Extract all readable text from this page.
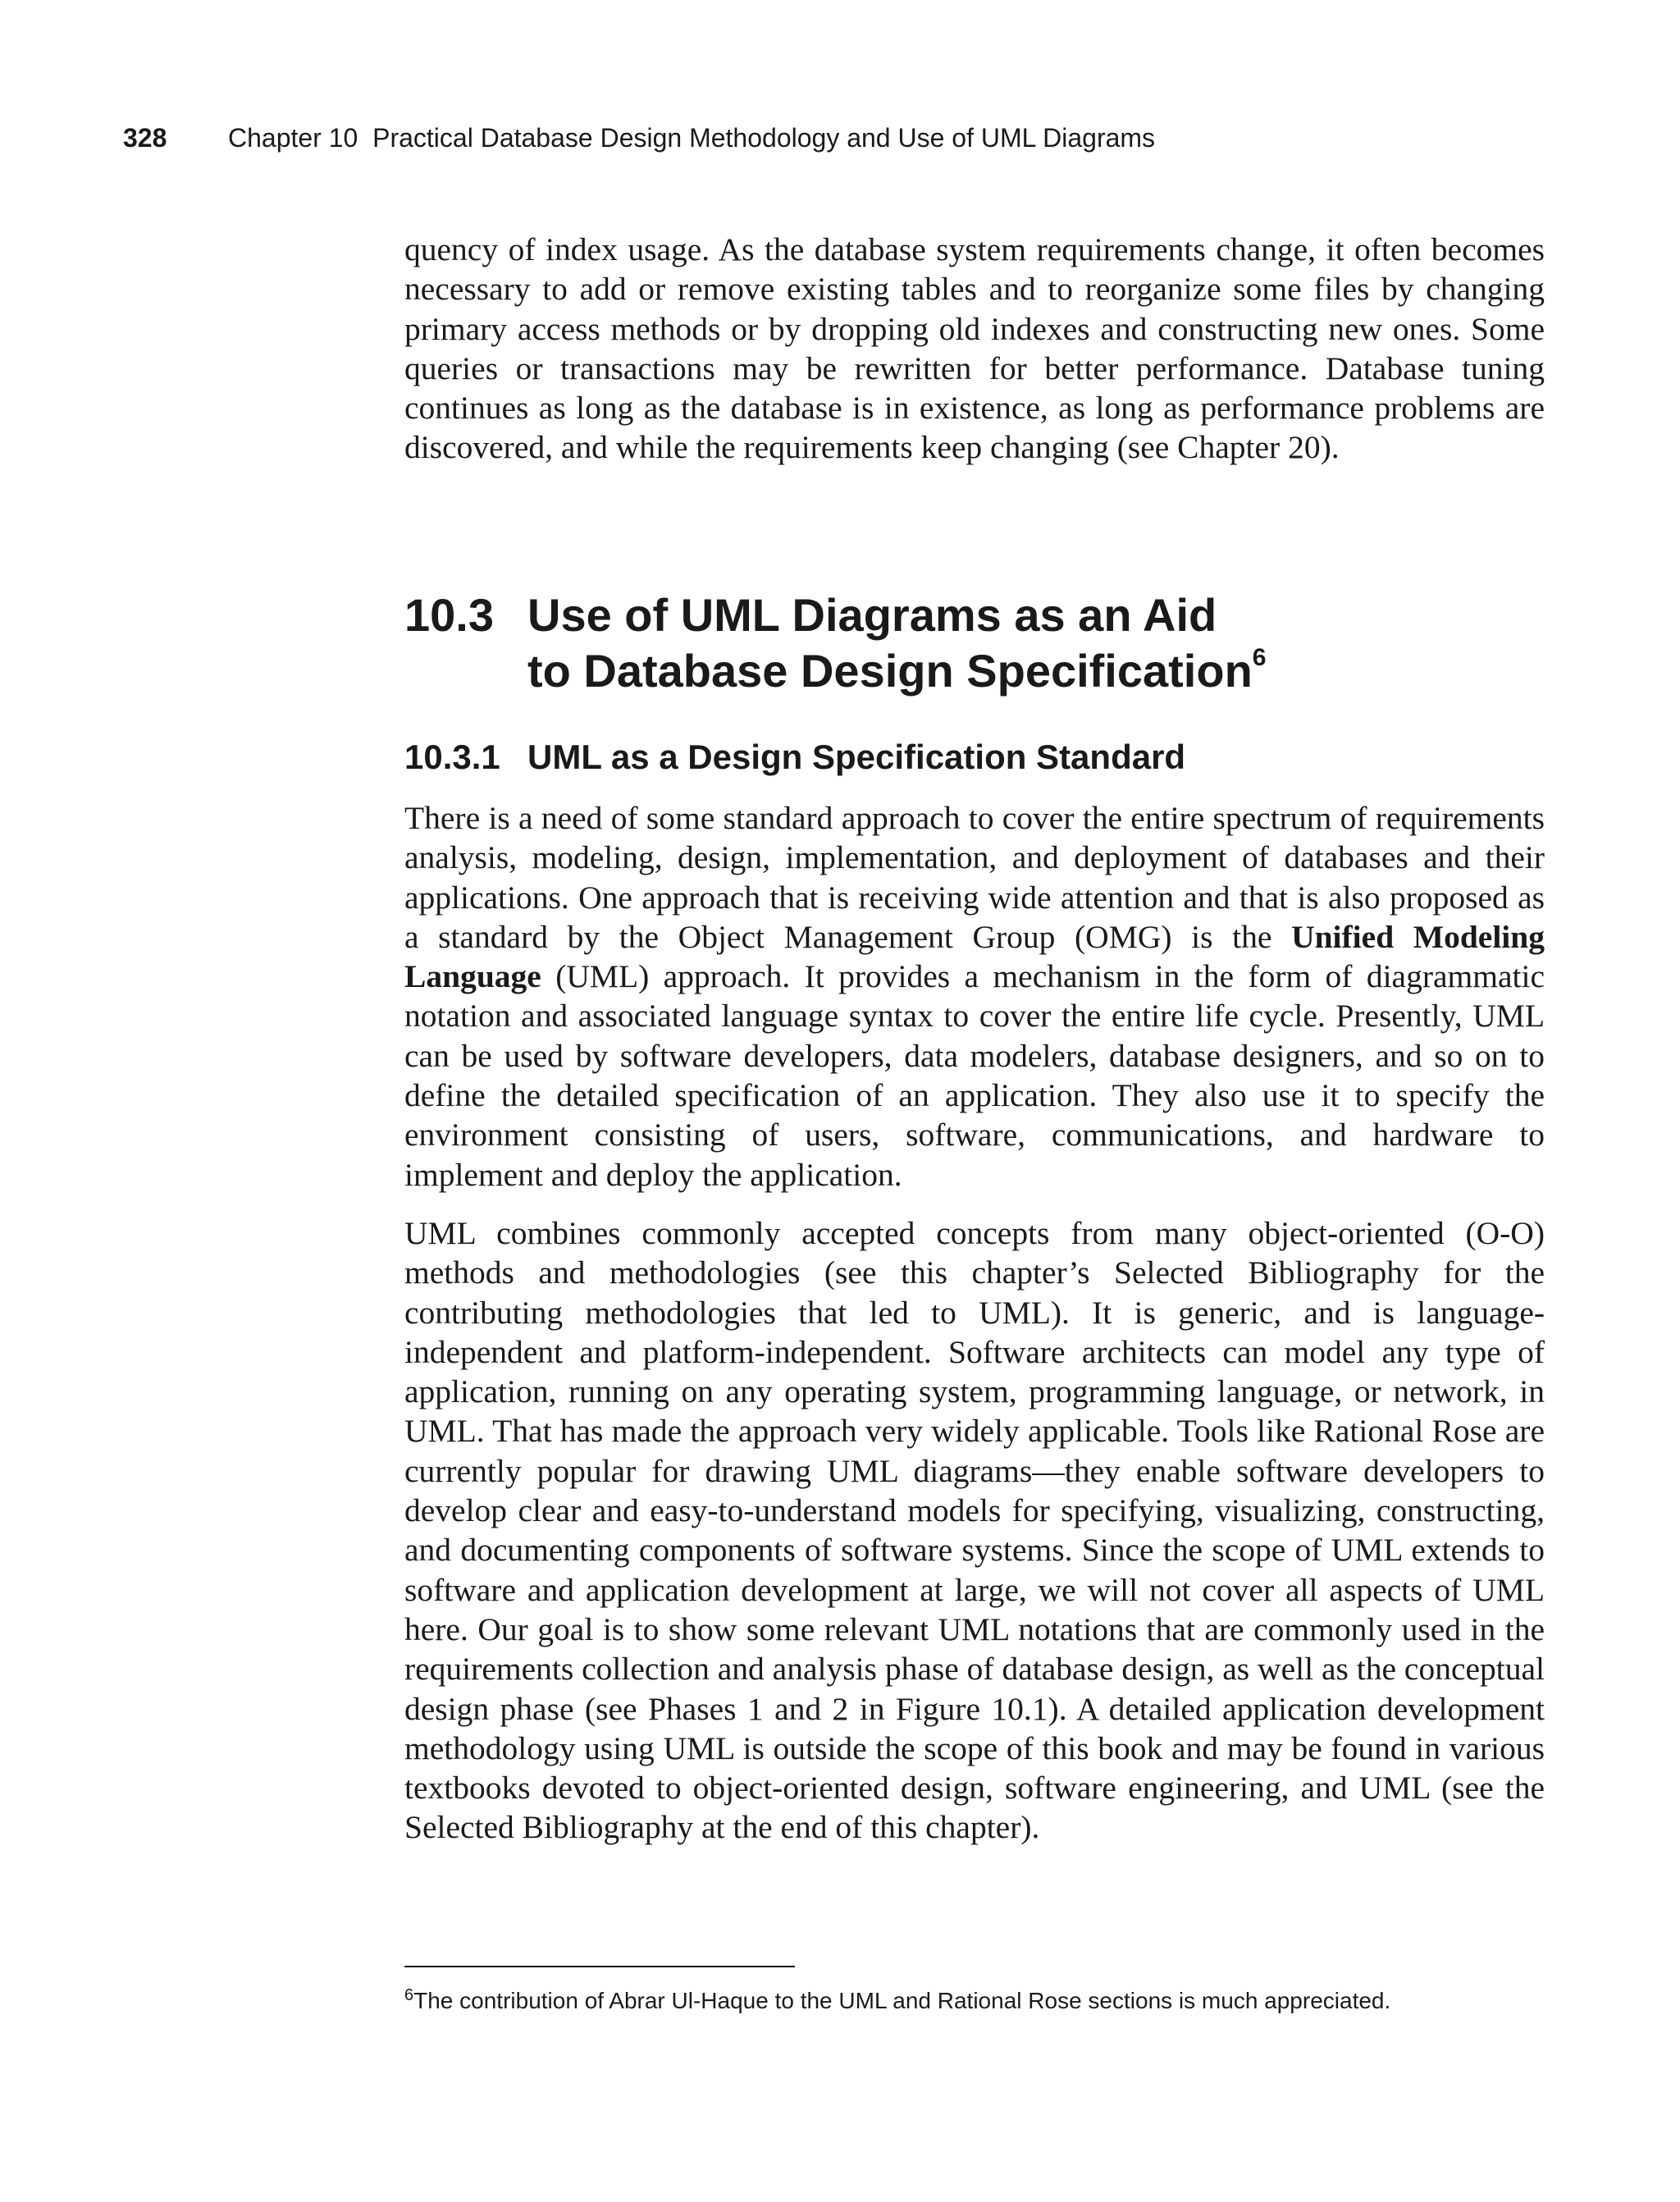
328 Chapter 10  Practical Database Design Methodology and Use of UML Diagrams

quency of index usage. As the database system requirements change, it often becomes necessary to add or remove existing tables and to reorganize some files by changing primary access methods or by dropping old indexes and constructing new ones. Some queries or transactions may be rewritten for better performance. Database tuning continues as long as the database is in existence, as long as performance problems are discovered, and while the requirements keep changing (see Chapter 20).

10.3 Use of UML Diagrams as an Aid
to Database Design Specification$^6$
10.3.1 UML as a Design Specification Standard

There is a need of some standard approach to cover the entire spectrum of requirements analysis, modeling, design, implementation, and deployment of databases and their applications. One approach that is receiving wide attention and that is also proposed as a standard by the Object Management Group (OMG) is the Unified Modeling Language (UML) approach. It provides a mechanism in the form of diagrammatic notation and associated language syntax to cover the entire life cycle. Presently, UML can be used by software developers, data modelers, database designers, and so on to define the detailed specification of an application. They also use it to specify the environment consisting of users, software, communications, and hardware to implement and deploy the application.

UML combines commonly accepted concepts from many object-oriented (O-O) methods and methodologies (see this chapter’s Selected Bibliography for the contributing methodologies that led to UML). It is generic, and is language-independent and platform-independent. Software architects can model any type of application, running on any operating system, programming language, or network, in UML. That has made the approach very widely applicable. Tools like Rational Rose are currently popular for drawing UML diagrams—they enable software developers to develop clear and easy-to-understand models for specifying, visualizing, constructing, and documenting components of software systems. Since the scope of UML extends to software and application development at large, we will not cover all aspects of UML here. Our goal is to show some relevant UML notations that are commonly used in the requirements collection and analysis phase of database design, as well as the conceptual design phase (see Phases 1 and 2 in Figure 10.1). A detailed application development methodology using UML is outside the scope of this book and may be found in various textbooks devoted to object-oriented design, software engineering, and UML (see the Selected Bibliography at the end of this chapter).

$^6$The contribution of Abrar Ul-Haque to the UML and Rational Rose sections is much appreciated.
